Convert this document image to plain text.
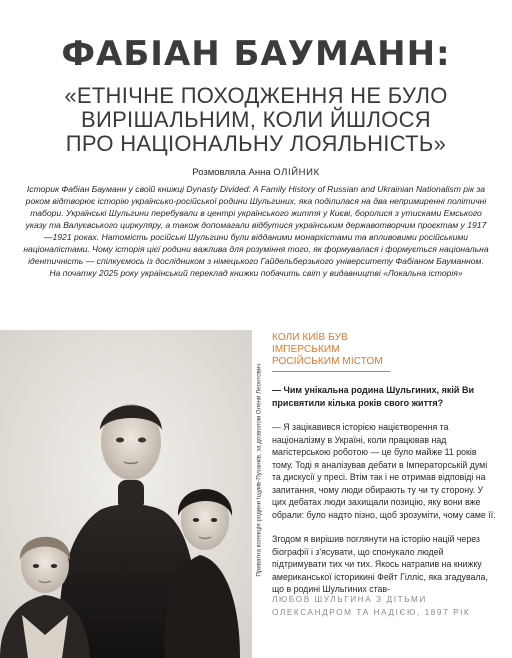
ФАБІАН БАУМАНН:
«ЕТНІЧНЕ ПОХОДЖЕННЯ НЕ БУЛО
ВИРІШАЛЬНИМ, КОЛИ ЙШЛОСЯ
ПРО НАЦІОНАЛЬНУ ЛОЯЛЬНІСТЬ»
Розмовляла Анна ОЛІЙНИК
Історик Фабіан Бауманн у своїй книжці Dynasty Divided: A Family History of Russian and Ukrainian Nationalism рік за роком відтворює історію українсько-російської родини Шульгиних, яка поділилася на два непримиренні політичні табори. Українські Шульгини перебували в центрі українського життя у Києві, боролися з утисками Емського указу та Валуєвського циркуляру, а також допомагали відбутися українським державотворчим проєктам у 1917—1921 роках. Натомість російські Шульгини були відданими монархістами та впливовими російськими націоналістами. Чому історія цієї родини важлива для розуміння того, як формувалася і формується національна ідентичність — спілкуємось із дослідником з німецького Гайдельберзького університету Фабіаном Бауманном. На початку 2025 року український переклад книжки побачить світ у видавництві «Локальна історія»
Приватна колекція родини Іщуків-Пузанків, за дозволом Олени Леонтович
КОЛИ КИЇВ БУВ ІМПЕРСЬКИМ РОСІЙСЬКИМ МІСТОМ
— Чим унікальна родина Шульгиних, якій Ви присвятили кілька років свого життя?
— Я зацікавився історією націєтворення та націоналізму в Україні, коли працював над магістерською роботою — це було майже 11 років тому. Тоді я аналізував дебати в Імператорській думі та дискусії у пресі. Втім так і не отримав відповіді на запитання, чому люди обирають ту чи ту сторону. У цих дебатах люди захищали позицію, яку вони вже обрали: було надто пізно, щоб зрозуміти, чому саме її.
Згодом я вирішив поглянути на історію націй через біографії і з'ясувати, що спонукало людей підтримувати тих чи тих. Якось натрапив на книжку американської історикині Фейт Гілліс, яка згадувала, що в родині Шульгиних став-
ЛЮБОВ ШУЛЬГИНА З ДІТЬМИ ОЛЕКСАНДРОМ ТА НАДІЄЮ, 1897 РІК
